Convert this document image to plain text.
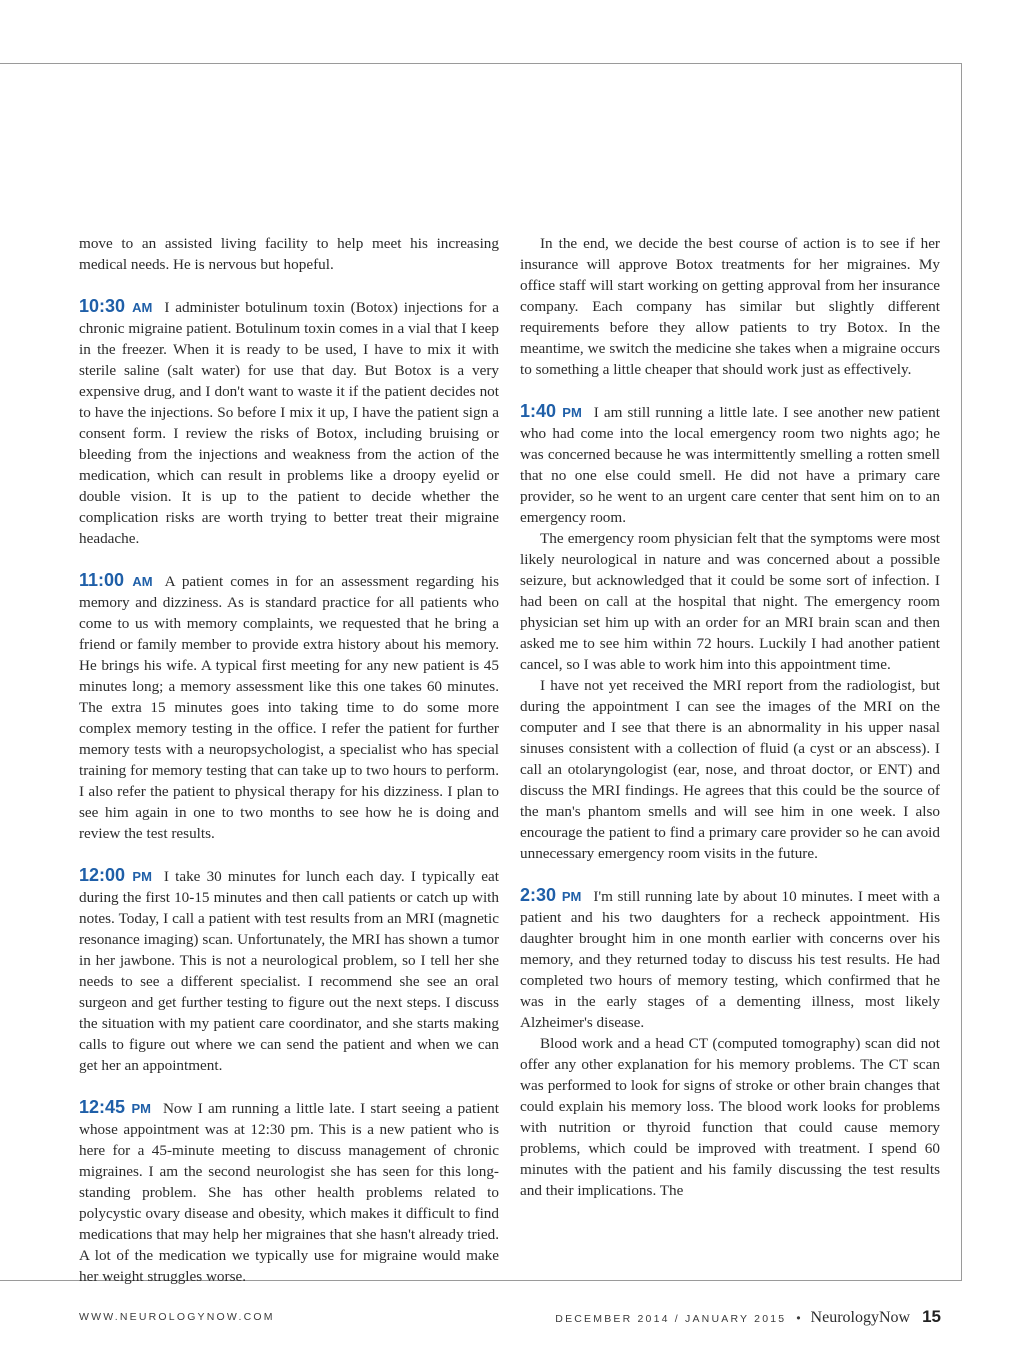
move to an assisted living facility to help meet his increasing medical needs. He is nervous but hopeful.

10:30 AM I administer botulinum toxin (Botox) injections for a chronic migraine patient. Botulinum toxin comes in a vial that I keep in the freezer. When it is ready to be used, I have to mix it with sterile saline (salt water) for use that day. But Botox is a very expensive drug, and I don't want to waste it if the patient decides not to have the injections. So before I mix it up, I have the patient sign a consent form. I review the risks of Botox, including bruising or bleeding from the injections and weakness from the action of the medication, which can result in problems like a droopy eyelid or double vision. It is up to the patient to decide whether the complication risks are worth trying to better treat their migraine headache.

11:00 AM A patient comes in for an assessment regarding his memory and dizziness. As is standard practice for all patients who come to us with memory complaints, we requested that he bring a friend or family member to provide extra history about his memory. He brings his wife. A typical first meeting for any new patient is 45 minutes long; a memory assessment like this one takes 60 minutes. The extra 15 minutes goes into taking time to do some more complex memory testing in the office. I refer the patient for further memory tests with a neuropsychologist, a specialist who has special training for memory testing that can take up to two hours to perform. I also refer the patient to physical therapy for his dizziness. I plan to see him again in one to two months to see how he is doing and review the test results.

12:00 PM I take 30 minutes for lunch each day. I typically eat during the first 10-15 minutes and then call patients or catch up with notes. Today, I call a patient with test results from an MRI (magnetic resonance imaging) scan. Unfortunately, the MRI has shown a tumor in her jawbone. This is not a neurological problem, so I tell her she needs to see a different specialist. I recommend she see an oral surgeon and get further testing to figure out the next steps. I discuss the situation with my patient care coordinator, and she starts making calls to figure out where we can send the patient and when we can get her an appointment.

12:45 PM Now I am running a little late. I start seeing a patient whose appointment was at 12:30 pm. This is a new patient who is here for a 45-minute meeting to discuss management of chronic migraines. I am the second neurologist she has seen for this long-standing problem. She has other health problems related to polycystic ovary disease and obesity, which makes it difficult to find medications that may help her migraines that she hasn't already tried. A lot of the medication we typically use for migraine would make her weight struggles worse.

In the end, we decide the best course of action is to see if her insurance will approve Botox treatments for her migraines. My office staff will start working on getting approval from her insurance company. Each company has similar but slightly different requirements before they allow patients to try Botox. In the meantime, we switch the medicine she takes when a migraine occurs to something a little cheaper that should work just as effectively.

1:40 PM I am still running a little late. I see another new patient who had come into the local emergency room two nights ago; he was concerned because he was intermittently smelling a rotten smell that no one else could smell. He did not have a primary care provider, so he went to an urgent care center that sent him on to an emergency room.

The emergency room physician felt that the symptoms were most likely neurological in nature and was concerned about a possible seizure, but acknowledged that it could be some sort of infection. I had been on call at the hospital that night. The emergency room physician set him up with an order for an MRI brain scan and then asked me to see him within 72 hours. Luckily I had another patient cancel, so I was able to work him into this appointment time.

I have not yet received the MRI report from the radiologist, but during the appointment I can see the images of the MRI on the computer and I see that there is an abnormality in his upper nasal sinuses consistent with a collection of fluid (a cyst or an abscess). I call an otolaryngologist (ear, nose, and throat doctor, or ENT) and discuss the MRI findings. He agrees that this could be the source of the man's phantom smells and will see him in one week. I also encourage the patient to find a primary care provider so he can avoid unnecessary emergency room visits in the future.

2:30 PM I'm still running late by about 10 minutes. I meet with a patient and his two daughters for a recheck appointment. His daughter brought him in one month earlier with concerns over his memory, and they returned today to discuss his test results. He had completed two hours of memory testing, which confirmed that he was in the early stages of a dementing illness, most likely Alzheimer's disease.

Blood work and a head CT (computed tomography) scan did not offer any other explanation for his memory problems. The CT scan was performed to look for signs of stroke or other brain changes that could explain his memory loss. The blood work looks for problems with nutrition or thyroid function that could cause memory problems, which could be improved with treatment. I spend 60 minutes with the patient and his family discussing the test results and their implications. The

WWW.NEUROLOGYNOW.COM	DECEMBER 2014 / JANUARY 2015 • NeurologyNow 15
